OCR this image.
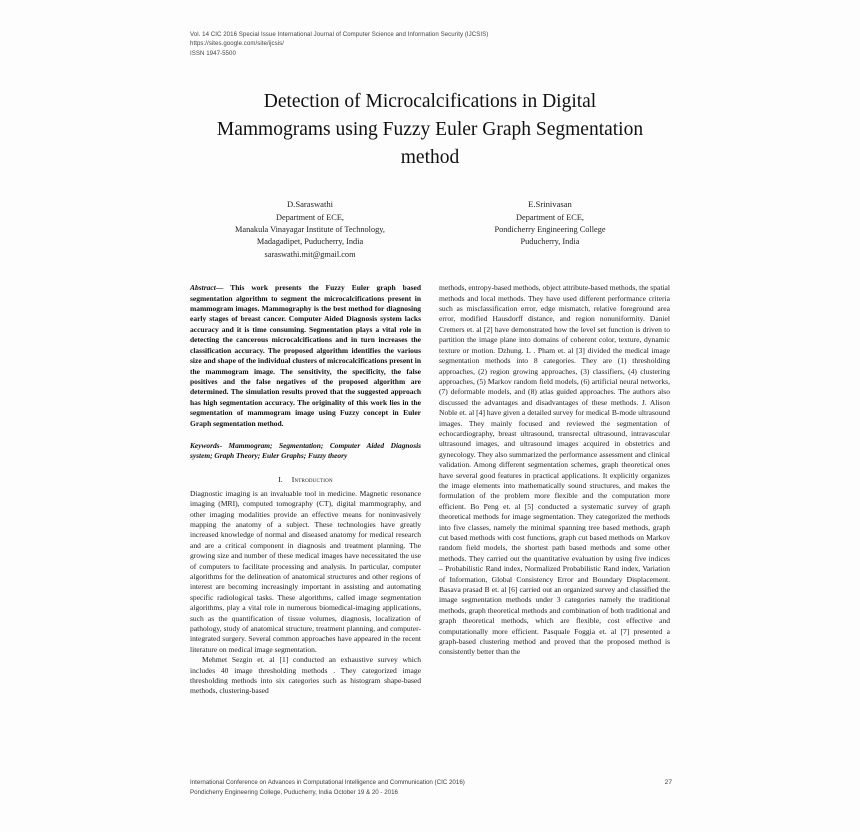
Vol. 14 CIC 2016 Special Issue International Journal of Computer Science and Information Security (IJCSIS)
https://sites.google.com/site/ijcsis/
ISSN 1947-5500
Detection of Microcalcifications in Digital Mammograms using Fuzzy Euler Graph Segmentation method
D.Saraswathi
Department of ECE,
Manakula Vinayagar Institute of Technology,
Madagadipet, Puducherry, India
saraswathi.mit@gmail.com
E.Srinivasan
Department of ECE,
Pondicherry Engineering College
Puducherry, India

Abstract— This work presents the Fuzzy Euler graph based segmentation algorithm to segment the microcalcifications present in mammogram images. Mammography is the best method for diagnosing early stages of breast cancer. Computer Aided Diagnosis system lacks accuracy and it is time consuming. Segmentation plays a vital role in detecting the cancerous microcalcifications and in turn increases the classification accuracy. The proposed algorithm identifies the various size and shape of the individual clusters of microcalcifications present in the mammogram image. The sensitivity, the specificity, the false positives and the false negatives of the proposed algorithm are determined. The simulation results proved that the suggested approach has high segmentation accuracy. The originality of this work lies in the segmentation of mammogram image using Fuzzy concept in Euler Graph segmentation method.

Keywords- Mammogram; Segmentation; Computer Aided Diagnosis system; Graph Theory; Euler Graphs; Fuzzy theory

I. Introduction

Diagnostic imaging is an invaluable tool in medicine. Magnetic resonance imaging (MRI), computed tomography (CT), digital mammography, and other imaging modalities provide an effective means for noninvasively mapping the anatomy of a subject. These technologies have greatly increased knowledge of normal and diseased anatomy for medical research and are a critical component in diagnosis and treatment planning. The growing size and number of these medical images have necessitated the use of computers to facilitate processing and analysis. In particular, computer algorithms for the delineation of anatomical structures and other regions of interest are becoming increasingly important in assisting and automating specific radiological tasks. These algorithms, called image segmentation algorithms, play a vital role in numerous biomedical-imaging applications, such as the quantification of tissue volumes, diagnosis, localization of pathology, study of anatomical structure, treatment planning, and computer-integrated surgery. Several common approaches have appeared in the recent literature on medical image segmentation.

Mehmet Sezgin et. al [1] conducted an exhaustive survey which includes 40 image thresholding methods . They categorized image thresholding methods into six categories such as histogram shape-based methods, clustering-based

methods, entropy-based methods, object attribute-based methods, the spatial methods and local methods. They have used different performance criteria such as misclassification error, edge mismatch, relative foreground area error, modified Hausdorff distance, and region nonuniformity. Daniel Cremers et. al [2] have demonstrated how the level set function is driven to partition the image plane into domains of coherent color, texture, dynamic texture or motion. Dzhung. L . Pham et. al [3] divided the medical image segmentation methods into 8 categories. They are (1) thresholding approaches, (2) region growing approaches, (3) classifiers, (4) clustering approaches, (5) Markov random field models, (6) artificial neural networks, (7) deformable models, and (8) atlas guided approaches. The authors also discussed the advantages and disadvantages of these methods. J. Alison Noble et. al [4] have given a detailed survey for medical B-mode ultrasound images. They mainly focused and reviewed the segmentation of echocardiography, breast ultrasound, transrectal ultrasound, intravascular ultrasound images, and ultrasound images acquired in obstetrics and gynecology. They also summarized the performance assessment and clinical validation. Among different segmentation schemes, graph theoretical ones have several good features in practical applications. It explicitly organizes the image elements into mathematically sound structures, and makes the formulation of the problem more flexible and the computation more efficient. Bo Peng et. al [5] conducted a systematic survey of graph theoretical methods for image segmentation. They categorized the methods into five classes, namely the minimal spanning tree based methods, graph cut based methods with cost functions, graph cut based methods on Markov random field models, the shortest path based methods and some other methods. They carried out the quantitative evaluation by using five indices – Probabilistic Rand index, Normalized Probabilistic Rand index, Variation of Information, Global Consistency Error and Boundary Displacement. Basava prasad B et. al [6] carried out an organized survey and classified the image segmentation methods under 3 categories namely the traditional methods, graph theoretical methods and combination of both traditional and graph theoretical methods, which are flexible, cost effective and computationally more efficient. Pasquale Foggia et. al [7] presented a graph-based clustering method and proved that the proposed method is consistently better than the

International Conference on Advances in Computational Intelligence and Communication (CIC 2016)
Pondicherry Engineering College, Puducherry, India October 19 & 20 - 2016
27
